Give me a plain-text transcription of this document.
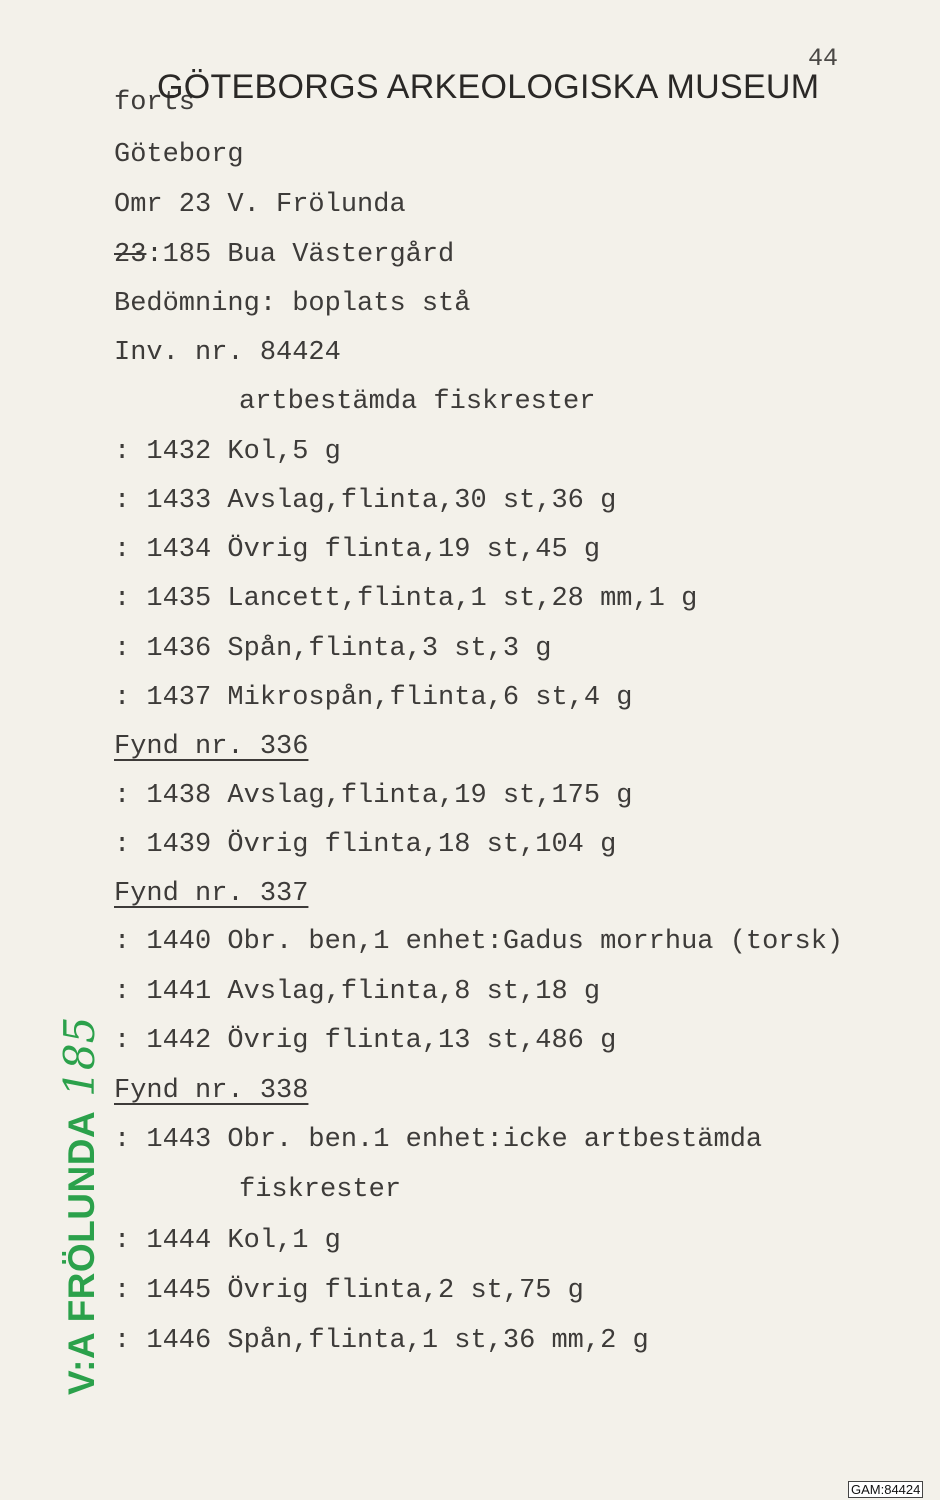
44
forts
GÖTEBORGS ARKEOLOGISKA MUSEUM
Göteborg
Omr 23 V. Frölunda
23:185 Bua Västergård
Bedömning: boplats stå
Inv. nr. 84424
artbestämda fiskrester
: 1432 Kol,5 g
: 1433 Avslag,flinta,30 st,36 g
: 1434 Övrig flinta,19 st,45 g
: 1435 Lancett,flinta,1 st,28 mm,1 g
: 1436 Spån,flinta,3 st,3 g
: 1437 Mikrospån,flinta,6 st,4 g
Fynd nr. 336
: 1438 Avslag,flinta,19 st,175 g
: 1439 Övrig flinta,18 st,104 g
Fynd nr. 337
: 1440 Obr. ben,1 enhet:Gadus morrhua (torsk)
: 1441 Avslag,flinta,8 st,18 g
: 1442 Övrig flinta,13 st,486 g
Fynd nr. 338
: 1443 Obr. ben.1 enhet:icke artbestämda
fiskrester
: 1444 Kol,1 g
: 1445 Övrig flinta,2 st,75 g
: 1446 Spån,flinta,1 st,36 mm,2 g
V:A FRÖLUNDA185
GAM:84424
